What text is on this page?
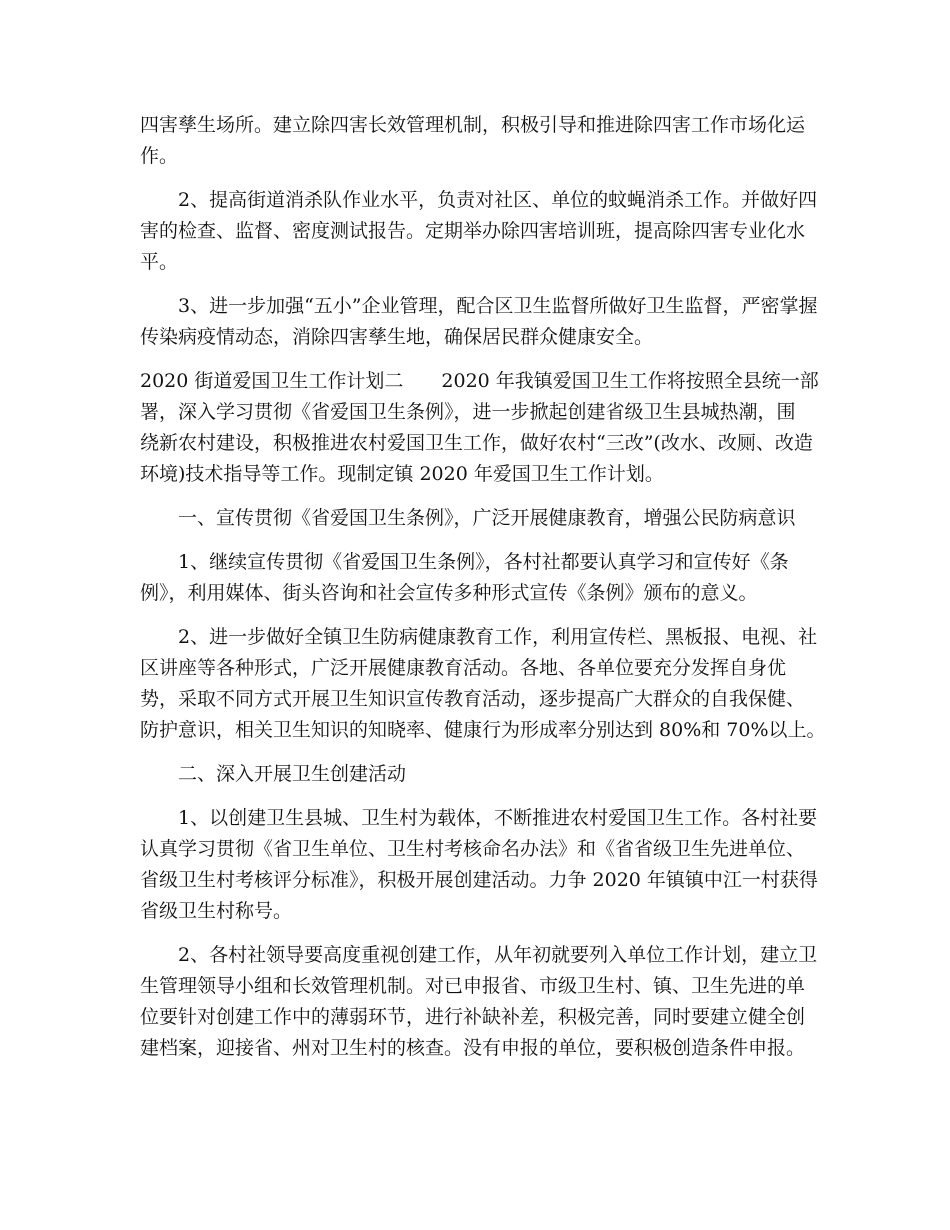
四害孳生场所。建立除四害长效管理机制，积极引导和推进除四害工作市场化运
作。
2、提高街道消杀队作业水平，负责对社区、单位的蚊蝇消杀工作。并做好四
害的检查、监督、密度测试报告。定期举办除四害培训班，提高除四害专业化水
平。
3、进一步加强“五小”企业管理，配合区卫生监督所做好卫生监督，严密掌握
传染病疫情动态，消除四害孳生地，确保居民群众健康安全。
2020 街道爱国卫生工作计划二　　2020 年我镇爱国卫生工作将按照全县统一部
署，深入学习贯彻《省爱国卫生条例》，进一步掀起创建省级卫生县城热潮，围
绕新农村建设，积极推进农村爱国卫生工作，做好农村“三改”(改水、改厕、改造
环境)技术指导等工作。现制定镇 2020 年爱国卫生工作计划。
一、宣传贯彻《省爱国卫生条例》，广泛开展健康教育，增强公民防病意识
1、继续宣传贯彻《省爱国卫生条例》，各村社都要认真学习和宣传好《条
例》，利用媒体、街头咨询和社会宣传多种形式宣传《条例》颁布的意义。
2、进一步做好全镇卫生防病健康教育工作，利用宣传栏、黑板报、电视、社
区讲座等各种形式，广泛开展健康教育活动。各地、各单位要充分发挥自身优
势，采取不同方式开展卫生知识宣传教育活动，逐步提高广大群众的自我保健、
防护意识，相关卫生知识的知晓率、健康行为形成率分别达到 80%和 70%以上。
二、深入开展卫生创建活动
1、以创建卫生县城、卫生村为载体，不断推进农村爱国卫生工作。各村社要
认真学习贯彻《省卫生单位、卫生村考核命名办法》和《省省级卫生先进单位、
省级卫生村考核评分标准》，积极开展创建活动。力争 2020 年镇镇中江一村获得
省级卫生村称号。
2、各村社领导要高度重视创建工作，从年初就要列入单位工作计划，建立卫
生管理领导小组和长效管理机制。对已申报省、市级卫生村、镇、卫生先进的单
位要针对创建工作中的薄弱环节，进行补缺补差，积极完善，同时要建立健全创
建档案，迎接省、州对卫生村的核查。没有申报的单位，要积极创造条件申报。
